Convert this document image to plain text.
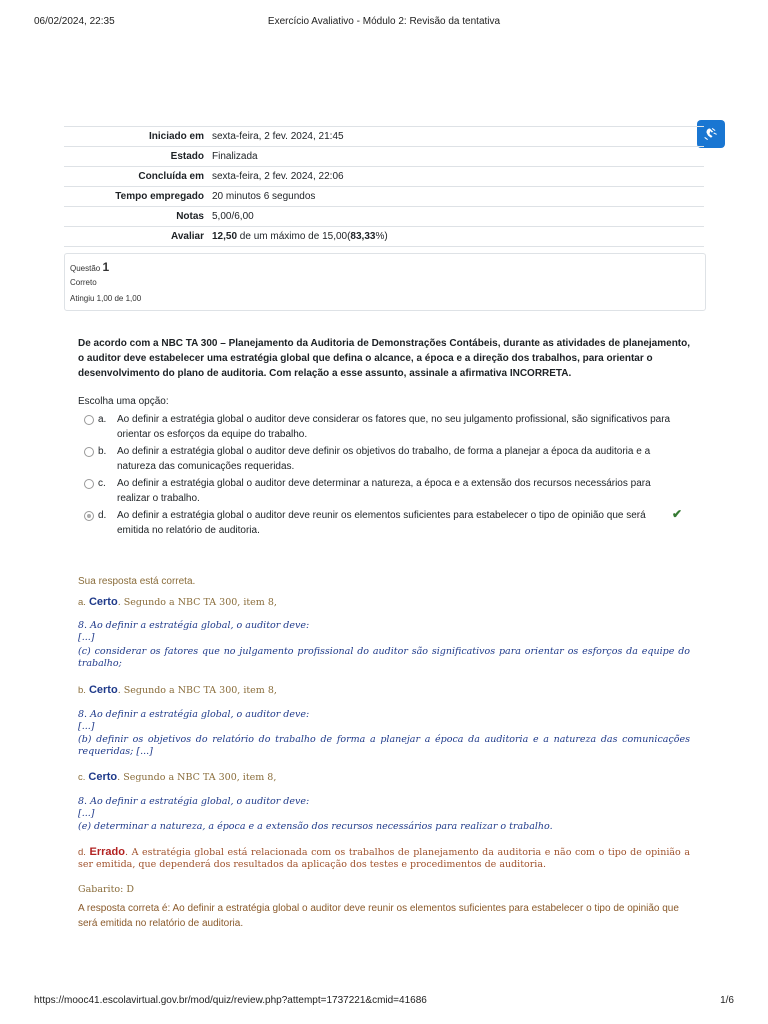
06/02/2024, 22:35	Exercício Avaliativo - Módulo 2: Revisão da tentativa
Iniciado em	sexta-feira, 2 fev. 2024, 21:45
Estado	Finalizada
Concluída em	sexta-feira, 2 fev. 2024, 22:06
Tempo empregado	20 minutos 6 segundos
Notas	5,00/6,00
Avaliar	12,50 de um máximo de 15,00(83,33%)
Questão 1
Correto
Atingiu 1,00 de 1,00
De acordo com a NBC TA 300 – Planejamento da Auditoria de Demonstrações Contábeis, durante as atividades de planejamento, o auditor deve estabelecer uma estratégia global que defina o alcance, a época e a direção dos trabalhos, para orientar o desenvolvimento do plano de auditoria. Com relação a esse assunto, assinale a afirmativa INCORRETA.
Escolha uma opção:
a. Ao definir a estratégia global o auditor deve considerar os fatores que, no seu julgamento profissional, são significativos para orientar os esforços da equipe do trabalho.
b. Ao definir a estratégia global o auditor deve definir os objetivos do trabalho, de forma a planejar a época da auditoria e a natureza das comunicações requeridas.
c. Ao definir a estratégia global o auditor deve determinar a natureza, a época e a extensão dos recursos necessários para realizar o trabalho.
d. Ao definir a estratégia global o auditor deve reunir os elementos suficientes para estabelecer o tipo de opinião que será emitida no relatório de auditoria.
✔
Sua resposta está correta.
a. Certo. Segundo a NBC TA 300, item 8,
8. Ao definir a estratégia global, o auditor deve:
[...]
(c) considerar os fatores que no julgamento profissional do auditor são significativos para orientar os esforços da equipe do trabalho;
b. Certo. Segundo a NBC TA 300, item 8,
8. Ao definir a estratégia global, o auditor deve:
[...]
(b) definir os objetivos do relatório do trabalho de forma a planejar a época da auditoria e a natureza das comunicações requeridas; [...]
c. Certo. Segundo a NBC TA 300, item 8,
8. Ao definir a estratégia global, o auditor deve:
[...]
(e) determinar a natureza, a época e a extensão dos recursos necessários para realizar o trabalho.
d. Errado. A estratégia global está relacionada com os trabalhos de planejamento da auditoria e não com o tipo de opinião a ser emitida, que dependerá dos resultados da aplicação dos testes e procedimentos de auditoria.
Gabarito: D
A resposta correta é: Ao definir a estratégia global o auditor deve reunir os elementos suficientes para estabelecer o tipo de opinião que será emitida no relatório de auditoria.
https://mooc41.escolavirtual.gov.br/mod/quiz/review.php?attempt=1737221&cmid=41686	1/6
